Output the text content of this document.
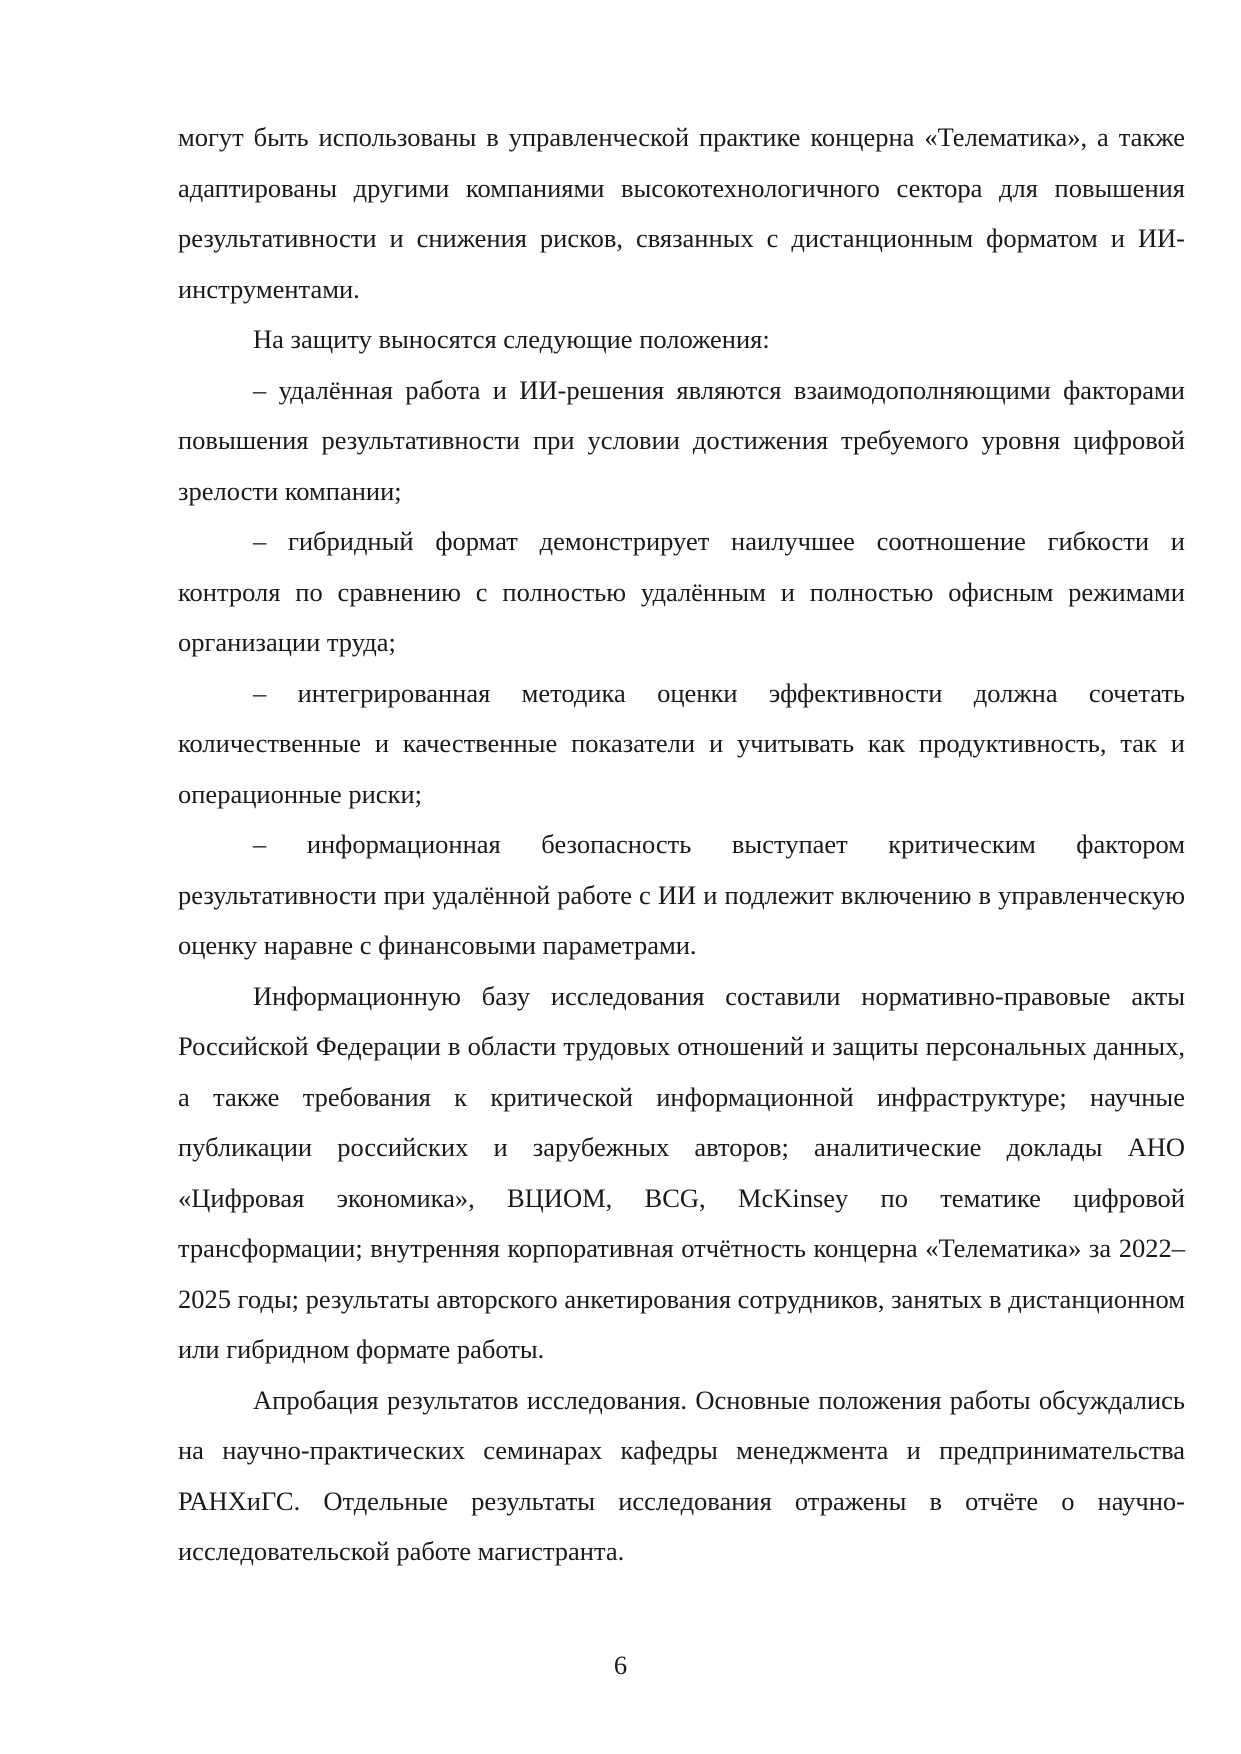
могут быть использованы в управленческой практике концерна «Телематика», а также адаптированы другими компаниями высокотехнологичного сектора для повышения результативности и снижения рисков, связанных с дистанционным форматом и ИИ-инструментами.

На защиту выносятся следующие положения:

– удалённая работа и ИИ-решения являются взаимодополняющими факторами повышения результативности при условии достижения требуемого уровня цифровой зрелости компании;

– гибридный формат демонстрирует наилучшее соотношение гибкости и контроля по сравнению с полностью удалённым и полностью офисным режимами организации труда;

– интегрированная методика оценки эффективности должна сочетать количественные и качественные показатели и учитывать как продуктивность, так и операционные риски;

– информационная безопасность выступает критическим фактором результативности при удалённой работе с ИИ и подлежит включению в управленческую оценку наравне с финансовыми параметрами.

Информационную базу исследования составили нормативно-правовые акты Российской Федерации в области трудовых отношений и защиты персональных данных, а также требования к критической информационной инфраструктуре; научные публикации российских и зарубежных авторов; аналитические доклады АНО «Цифровая экономика», ВЦИОМ, BCG, McKinsey по тематике цифровой трансформации; внутренняя корпоративная отчётность концерна «Телематика» за 2022–2025 годы; результаты авторского анкетирования сотрудников, занятых в дистанционном или гибридном формате работы.

Апробация результатов исследования. Основные положения работы обсуждались на научно-практических семинарах кафедры менеджмента и предпринимательства РАНХиГС. Отдельные результаты исследования отражены в отчёте о научно-исследовательской работе магистранта.

6
